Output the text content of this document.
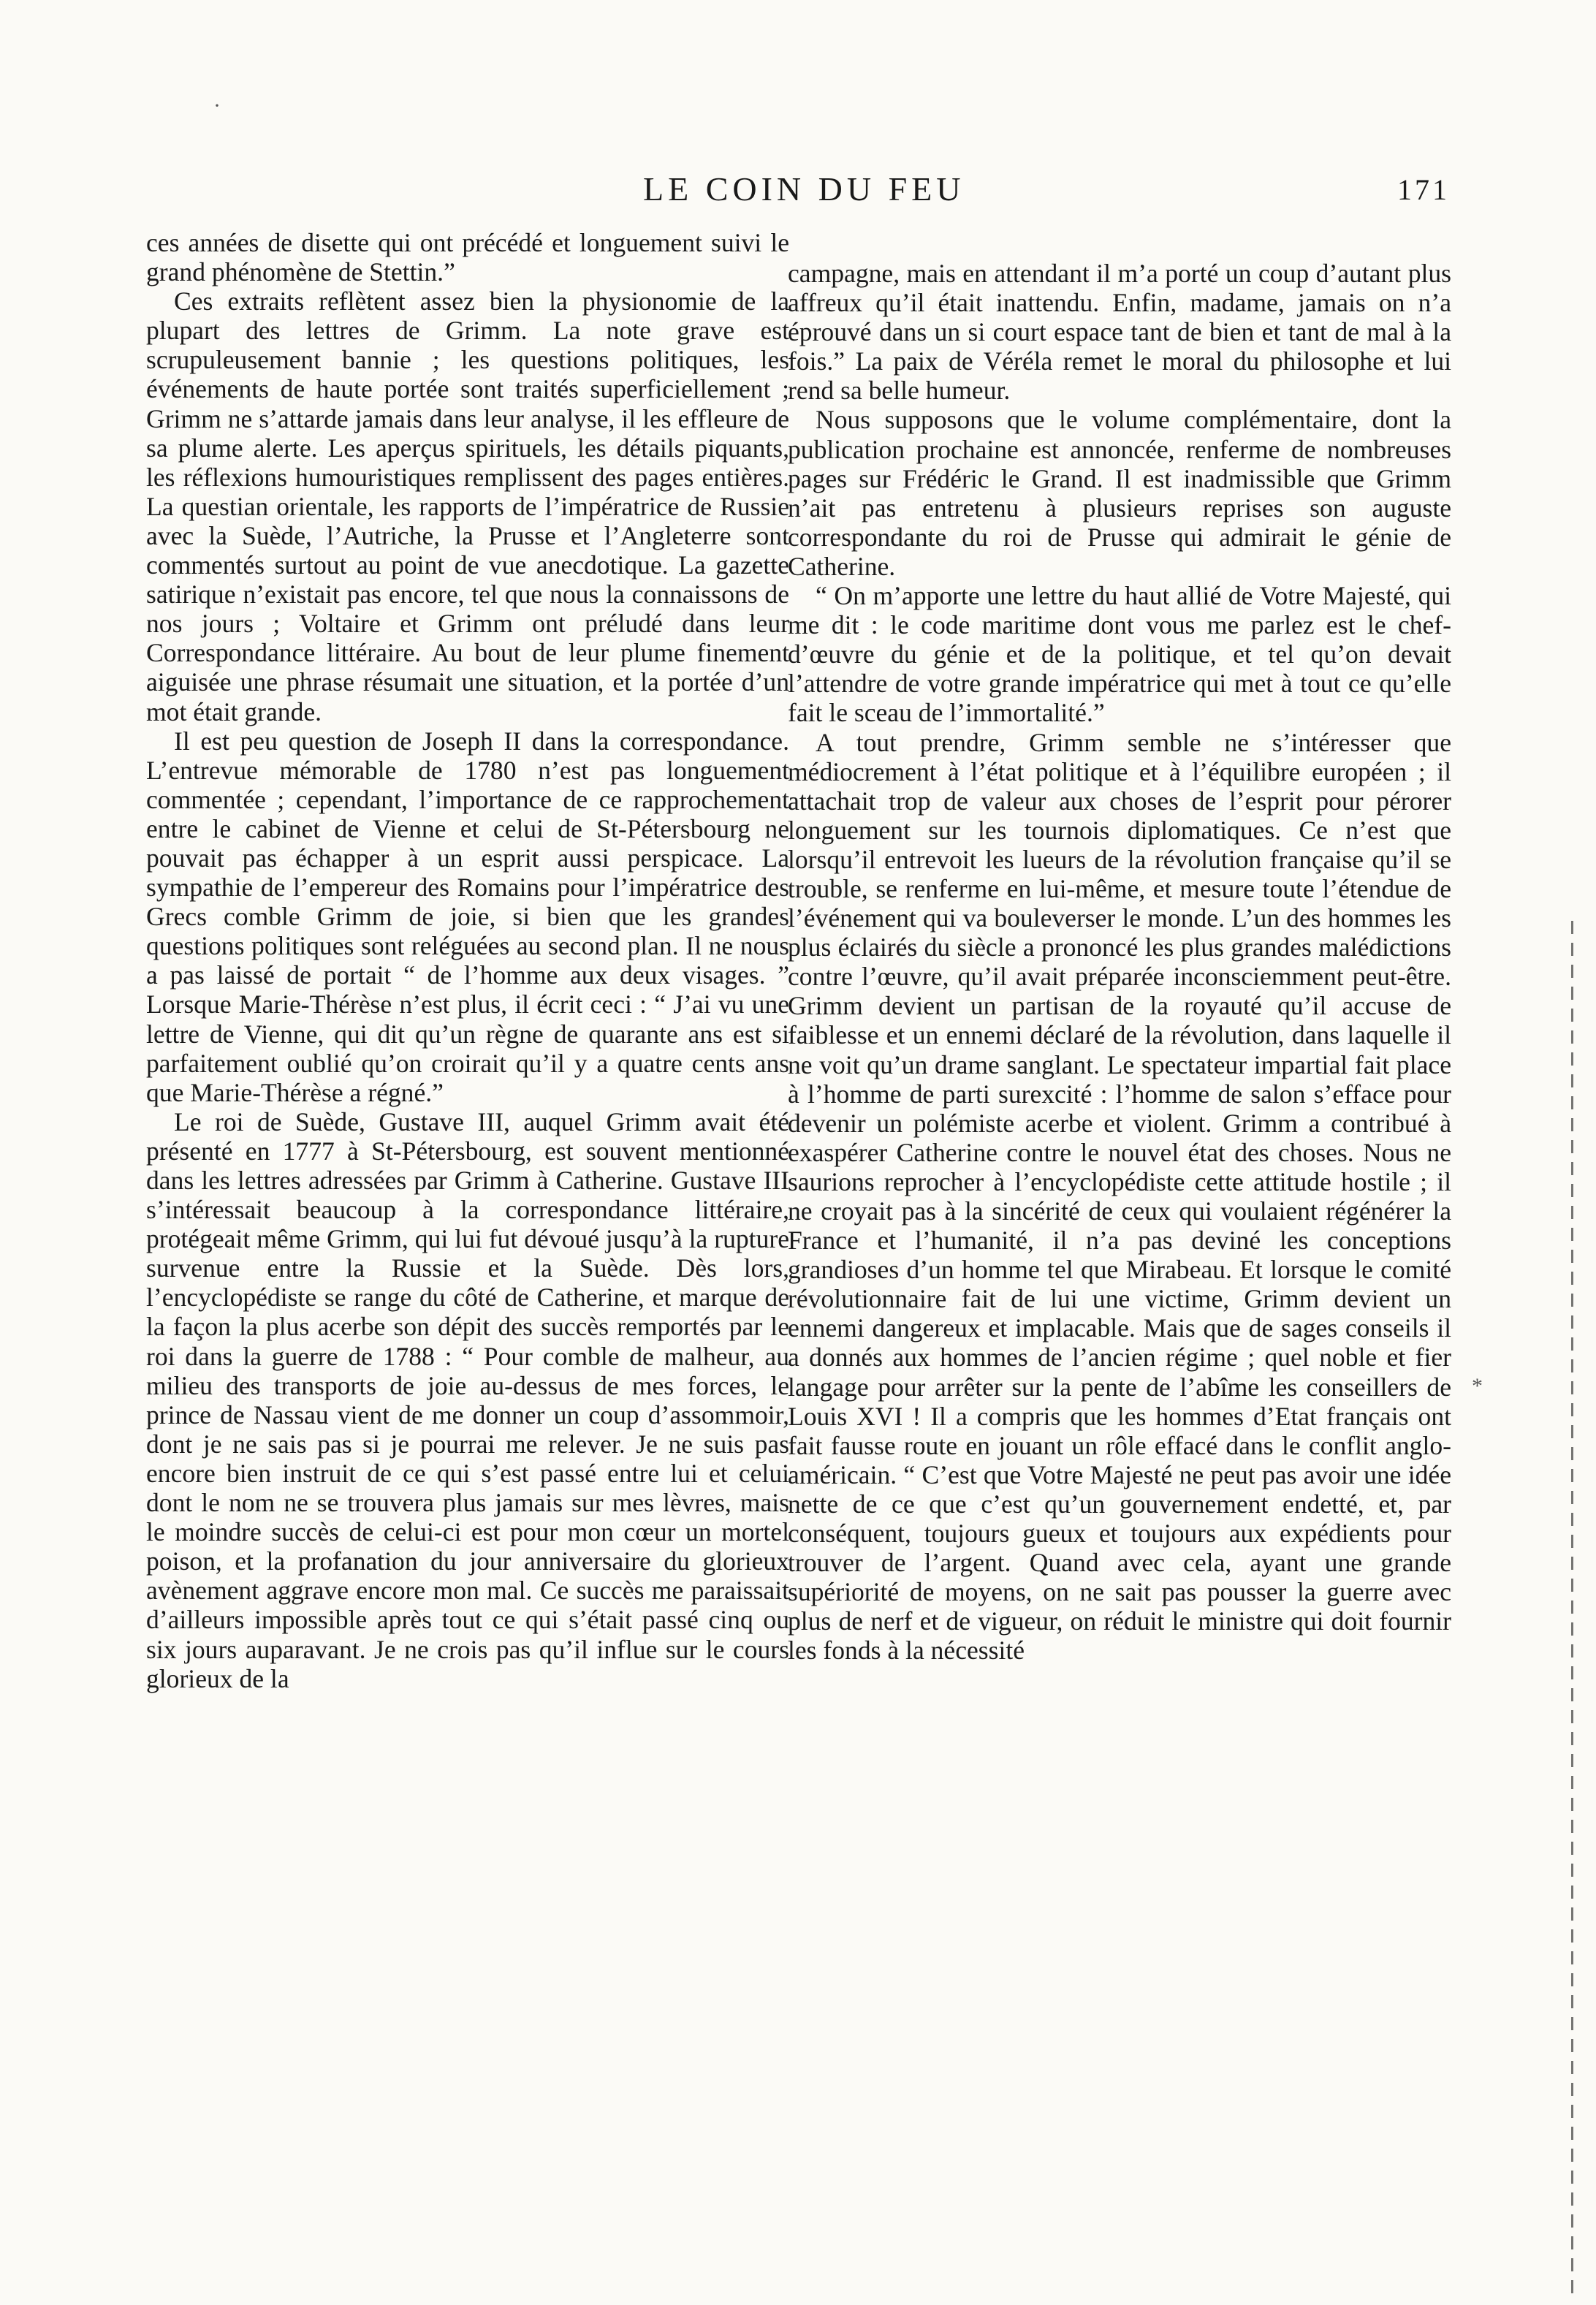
·
LE COIN DU FEU	171

ces années de disette qui ont précédé et longuement suivi le grand phénomène de Stettin.”

Ces extraits reflètent assez bien la physionomie de la plupart des lettres de Grimm. La note grave est scrupuleusement bannie ; les questions politiques, les événements de haute portée sont traités superficiellement ; Grimm ne s’attarde jamais dans leur analyse, il les effleure de sa plume alerte. Les aperçus spirituels, les détails piquants, les réflexions humouristiques remplissent des pages entières. La questian orientale, les rapports de l’impératrice de Russie avec la Suède, l’Autriche, la Prusse et l’Angleterre sont commentés surtout au point de vue anecdotique. La gazette satirique n’existait pas encore, tel que nous la connaissons de nos jours ; Voltaire et Grimm ont préludé dans leur Correspondance littéraire. Au bout de leur plume finement aiguisée une phrase résumait une situation, et la portée d’un mot était grande.

Il est peu question de Joseph II dans la correspondance. L’entrevue mémorable de 1780 n’est pas longuement commentée ; cependant, l’importance de ce rapprochement entre le cabinet de Vienne et celui de St-Pétersbourg ne pouvait pas échapper à un esprit aussi perspicace. La sympathie de l’empereur des Romains pour l’impératrice des Grecs comble Grimm de joie, si bien que les grandes questions politiques sont reléguées au second plan. Il ne nous a pas laissé de portait “ de l’homme aux deux visages. ” Lorsque Marie-Thérèse n’est plus, il écrit ceci : “ J’ai vu une lettre de Vienne, qui dit qu’un règne de quarante ans est si parfaitement oublié qu’on croirait qu’il y a quatre cents ans que Marie-Thérèse a régné.”

Le roi de Suède, Gustave III, auquel Grimm avait été présenté en 1777 à St-Pétersbourg, est souvent mentionné dans les lettres adressées par Grimm à Catherine. Gustave III s’intéressait beaucoup à la correspondance littéraire, protégeait même Grimm, qui lui fut dévoué jusqu’à la rupture survenue entre la Russie et la Suède. Dès lors, l’encyclopédiste se range du côté de Catherine, et marque de la façon la plus acerbe son dépit des succès remportés par le roi dans la guerre de 1788 : “ Pour comble de malheur, au milieu des transports de joie au-dessus de mes forces, le prince de Nassau vient de me donner un coup d’assommoir, dont je ne sais pas si je pourrai me relever. Je ne suis pas encore bien instruit de ce qui s’est passé entre lui et celui dont le nom ne se trouvera plus jamais sur mes lèvres, mais le moindre succès de celui-ci est pour mon cœur un mortel poison, et la profanation du jour anniversaire du glorieux avènement aggrave encore mon mal. Ce succès me paraissait d’ailleurs impossible après tout ce qui s’était passé cinq ou six jours auparavant. Je ne crois pas qu’il influe sur le cours glorieux de la

campagne, mais en attendant il m’a porté un coup d’autant plus affreux qu’il était inattendu. Enfin, madame, jamais on n’a éprouvé dans un si court espace tant de bien et tant de mal à la fois.” La paix de Véréla remet le moral du philosophe et lui rend sa belle humeur.

Nous supposons que le volume complémentaire, dont la publication prochaine est annoncée, renferme de nombreuses pages sur Frédéric le Grand. Il est inadmissible que Grimm n’ait pas entretenu à plusieurs reprises son auguste correspondante du roi de Prusse qui admirait le génie de Catherine.

“ On m’apporte une lettre du haut allié de Votre Majesté, qui me dit : le code maritime dont vous me parlez est le chef-d’œuvre du génie et de la politique, et tel qu’on devait l’attendre de votre grande impératrice qui met à tout ce qu’elle fait le sceau de l’immortalité.”

A tout prendre, Grimm semble ne s’intéresser que médiocrement à l’état politique et à l’équilibre européen ; il attachait trop de valeur aux choses de l’esprit pour pérorer longuement sur les tournois diplomatiques. Ce n’est que lorsqu’il entrevoit les lueurs de la révolution française qu’il se trouble, se renferme en lui-même, et mesure toute l’étendue de l’événement qui va bouleverser le monde. L’un des hommes les plus éclairés du siècle a prononcé les plus grandes malédictions contre l’œuvre, qu’il avait préparée inconsciemment peut-être. Grimm devient un partisan de la royauté qu’il accuse de faiblesse et un ennemi déclaré de la révolution, dans laquelle il ne voit qu’un drame sanglant. Le spectateur impartial fait place à l’homme de parti surexcité : l’homme de salon s’efface pour devenir un polémiste acerbe et violent. Grimm a contribué à exaspérer Catherine contre le nouvel état des choses. Nous ne saurions reprocher à l’encyclopédiste cette attitude hostile ; il ne croyait pas à la sincérité de ceux qui voulaient régénérer la France et l’humanité, il n’a pas deviné les conceptions grandioses d’un homme tel que Mirabeau. Et lorsque le comité révolutionnaire fait de lui une victime, Grimm devient un ennemi dangereux et implacable. Mais que de sages conseils il a donnés aux hommes de l’ancien régime ; quel noble et fier langage pour arrêter sur la pente de l’abîme les conseillers de Louis XVI ! Il a compris que les hommes d’Etat français ont fait fausse route en jouant un rôle effacé dans le conflit anglo-américain. “ C’est que Votre Majesté ne peut pas avoir une idée nette de ce que c’est qu’un gouvernement endetté, et, par conséquent, toujours gueux et toujours aux expédients pour trouver de l’argent. Quand avec cela, ayant une grande supériorité de moyens, on ne sait pas pousser la guerre avec plus de nerf et de vigueur, on réduit le ministre qui doit fournir les fonds à la nécessité

*
